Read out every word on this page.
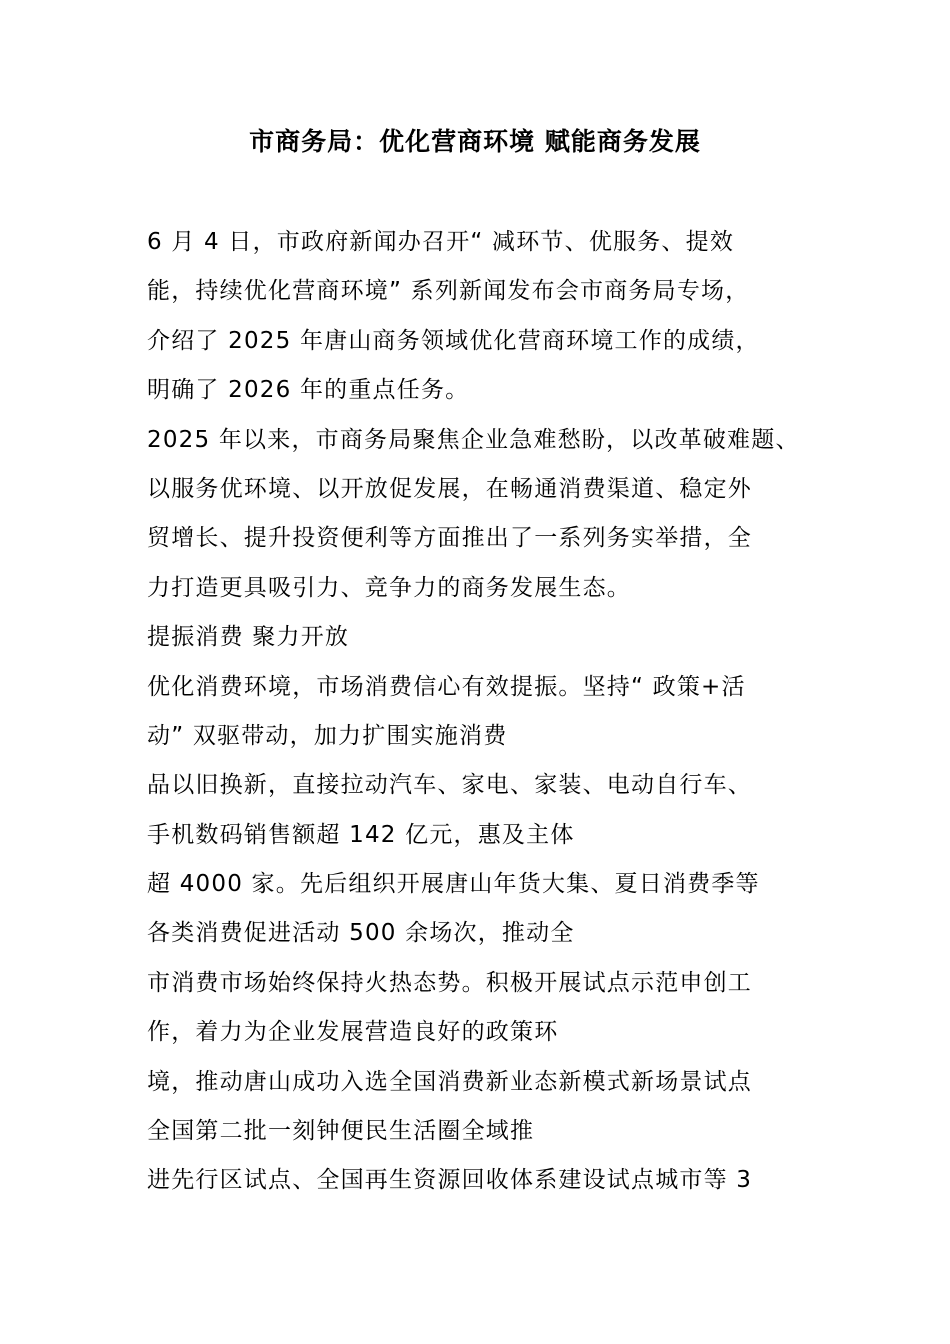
市商务局：优化营商环境 赋能商务发展
6 月 4 日，市政府新闻办召开“ 减环节、优服务、提效
能，持续优化营商环境” 系列新闻发布会市商务局专场，
介绍了 2025 年唐山商务领域优化营商环境工作的成绩，
明确了 2026 年的重点任务。
2025 年以来，市商务局聚焦企业急难愁盼，以改革破难题、
以服务优环境、以开放促发展，在畅通消费渠道、稳定外
贸增长、提升投资便利等方面推出了一系列务实举措，全
力打造更具吸引力、竞争力的商务发展生态。
提振消费 聚力开放
优化消费环境，市场消费信心有效提振。坚持“ 政策+活
动” 双驱带动，加力扩围实施消费
品以旧换新，直接拉动汽车、家电、家装、电动自行车、
手机数码销售额超 142 亿元，惠及主体
超 4000 家。先后组织开展唐山年货大集、夏日消费季等
各类消费促进活动 500 余场次，推动全
市消费市场始终保持火热态势。积极开展试点示范申创工
作，着力为企业发展营造良好的政策环
境，推动唐山成功入选全国消费新业态新模式新场景试点
全国第二批一刻钟便民生活圈全域推
进先行区试点、全国再生资源回收体系建设试点城市等 3
